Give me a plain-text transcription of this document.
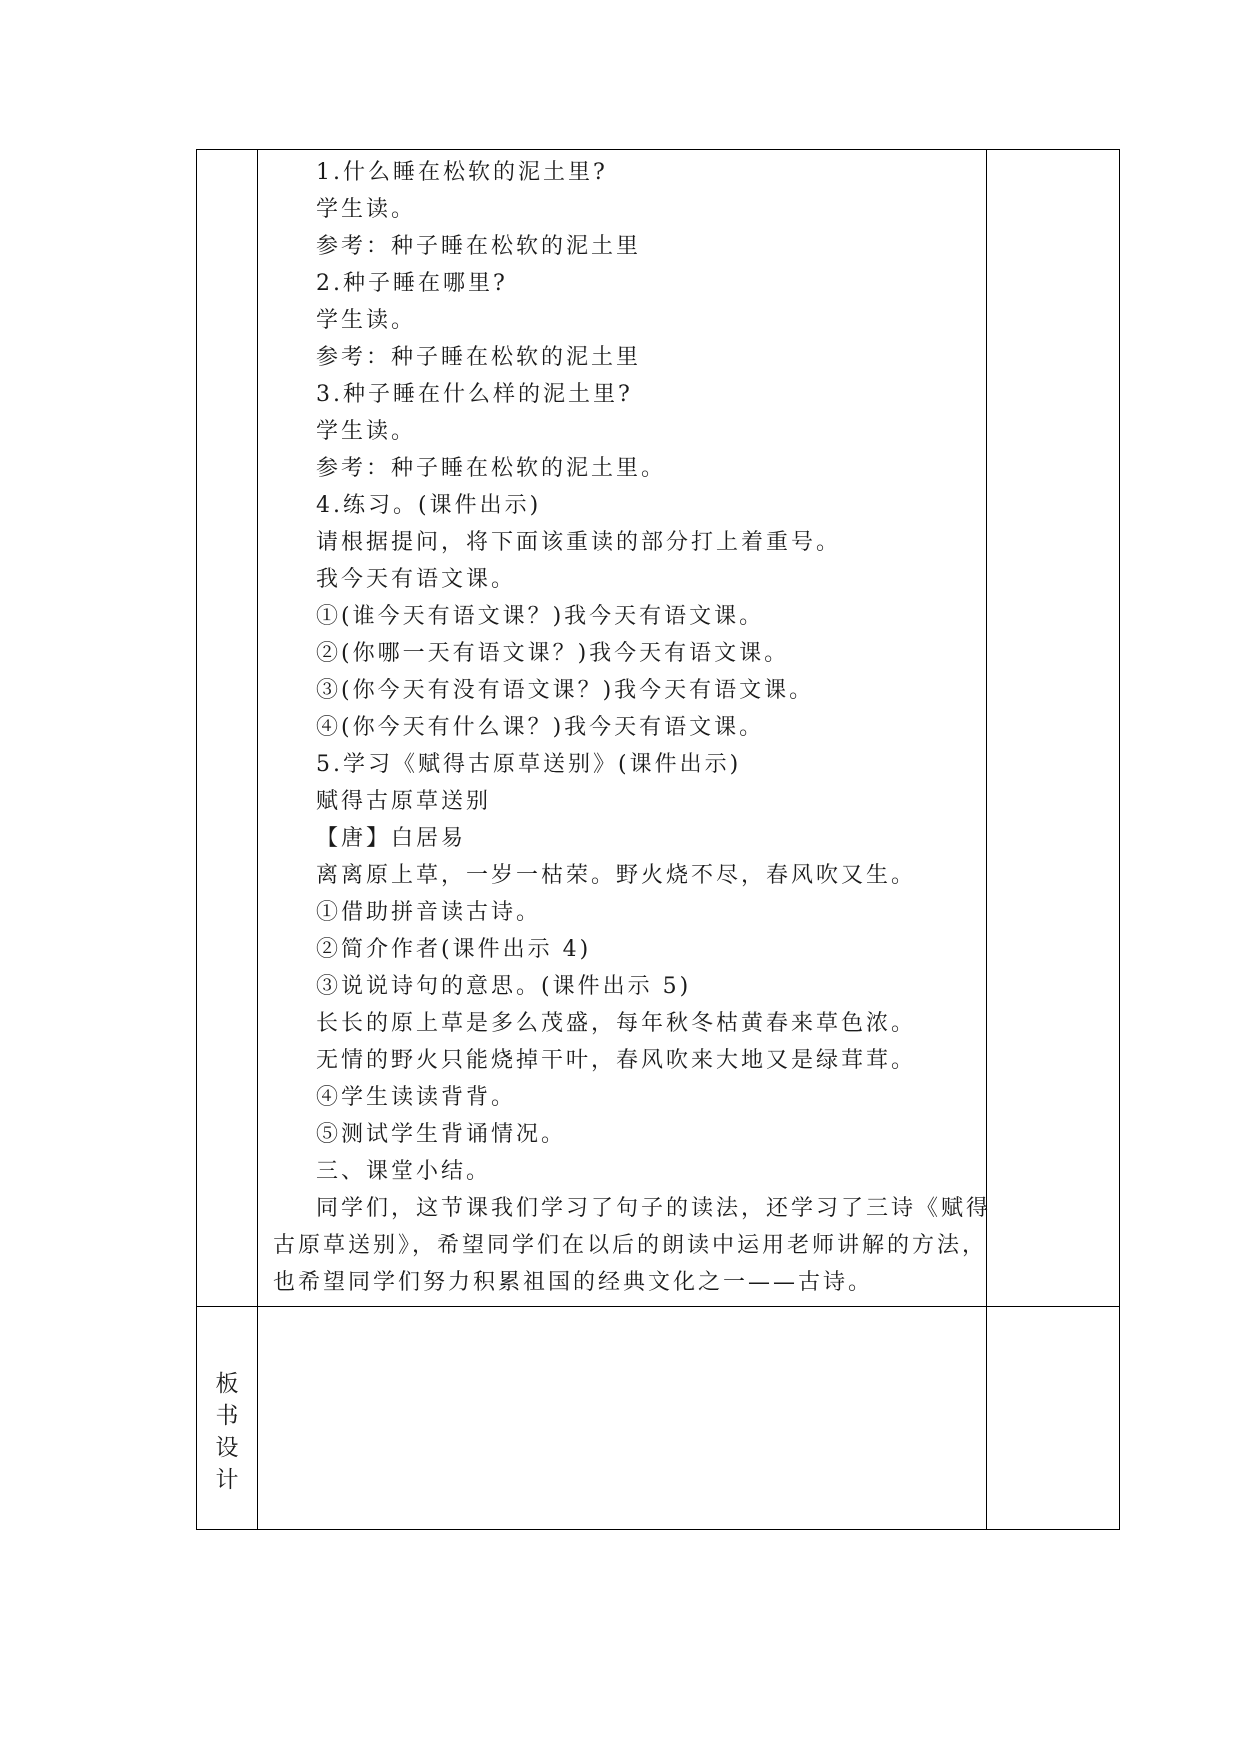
1.什么睡在松软的泥土里?
学生读。
参考：种子睡在松软的泥土里
2.种子睡在哪里?
学生读。
参考：种子睡在松软的泥土里
3.种子睡在什么样的泥土里?
学生读。
参考：种子睡在松软的泥土里。
4.练习。(课件出示)
请根据提问，将下面该重读的部分打上着重号。
我今天有语文课。
①(谁今天有语文课？)我今天有语文课。
②(你哪一天有语文课？)我今天有语文课。
③(你今天有没有语文课？)我今天有语文课。
④(你今天有什么课？)我今天有语文课。
5.学习《赋得古原草送别》(课件出示)
赋得古原草送别
【唐】白居易
离离原上草，一岁一枯荣。野火烧不尽，春风吹又生。
①借助拼音读古诗。
②简介作者(课件出示 4)
③说说诗句的意思。(课件出示 5)
长长的原上草是多么茂盛，每年秋冬枯黄春来草色浓。
无情的野火只能烧掉干叶，春风吹来大地又是绿茸茸。
④学生读读背背。
⑤测试学生背诵情况。
三、课堂小结。
同学们，这节课我们学习了句子的读法，还学习了三诗《赋得
古原草送别》，希望同学们在以后的朗读中运用老师讲解的方法，
也希望同学们努力积累祖国的经典文化之一——古诗。
板
书
设
计
